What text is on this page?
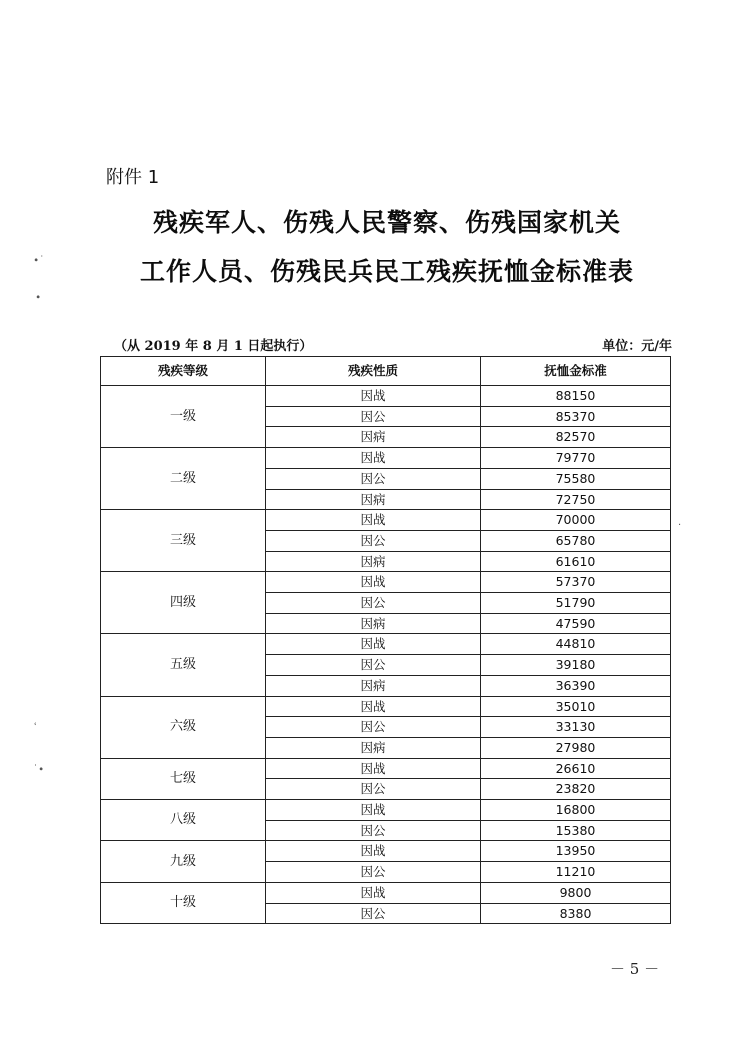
附件 1
残疾军人、伤残人民警察、伤残国家机关
工作人员、伤残民兵民工残疾抚恤金标准表
（从 2019 年 8 月 1 日起执行）	单位：元/年
残疾等级	残疾性质	抚恤金标准
一级	因战	88150
	因公	85370
	因病	82570
二级	因战	79770
	因公	75580
	因病	72750
三级	因战	70000
	因公	65780
	因病	61610
四级	因战	57370
	因公	51790
	因病	47590
五级	因战	44810
	因公	39180
	因病	36390
六级	因战	35010
	因公	33130
	因病	27980
七级	因战	26610
	因公	23820
八级	因战	16800
	因公	15380
九级	因战	13950
	因公	11210
十级	因战	9800
	因公	8380
∙˙
∙
ʿ
˙∙
·
－ 5 －
